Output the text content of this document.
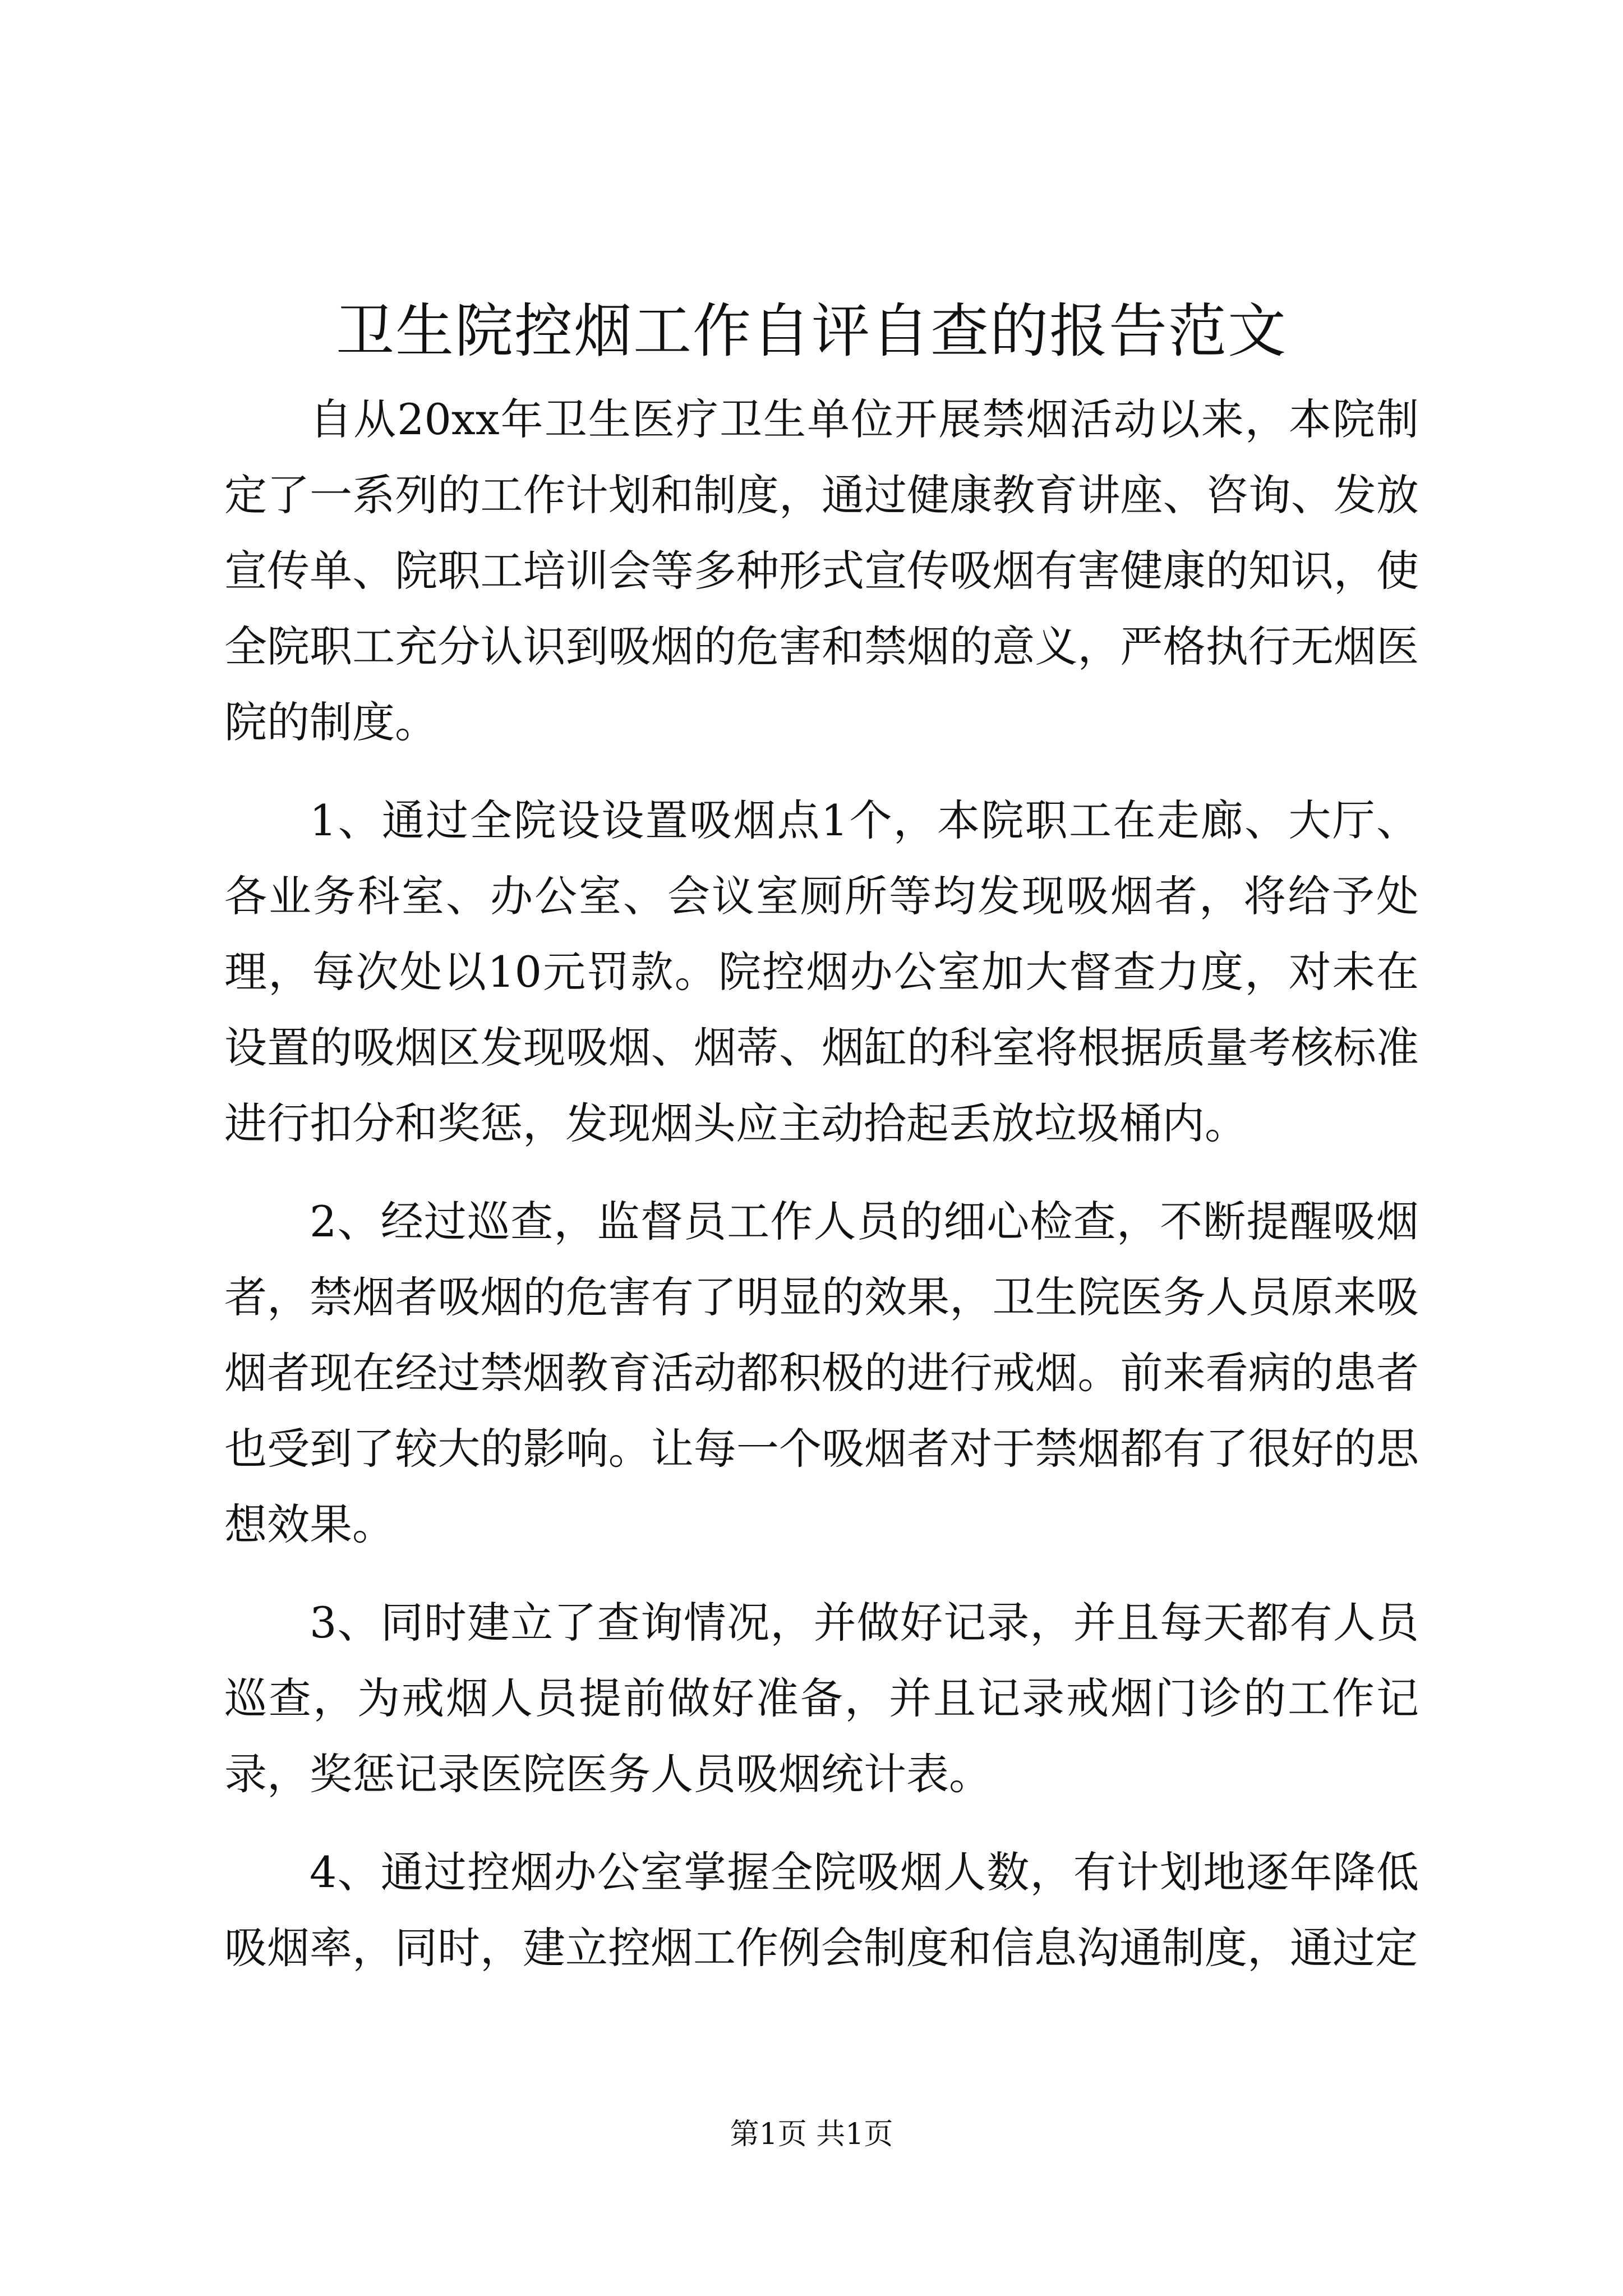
卫生院控烟工作自评自查的报告范文

自从20xx年卫生医疗卫生单位开展禁烟活动以来，本院制定了一系列的工作计划和制度，通过健康教育讲座、咨询、发放宣传单、院职工培训会等多种形式宣传吸烟有害健康的知识，使全院职工充分认识到吸烟的危害和禁烟的意义，严格执行无烟医院的制度。

1、通过全院设设置吸烟点1个，本院职工在走廊、大厅、各业务科室、办公室、会议室厕所等均发现吸烟者，将给予处理，每次处以10元罚款。院控烟办公室加大督查力度，对未在设置的吸烟区发现吸烟、烟蒂、烟缸的科室将根据质量考核标准进行扣分和奖惩，发现烟头应主动拾起丢放垃圾桶内。

2、经过巡查，监督员工作人员的细心检查，不断提醒吸烟者，禁烟者吸烟的危害有了明显的效果，卫生院医务人员原来吸烟者现在经过禁烟教育活动都积极的进行戒烟。前来看病的患者也受到了较大的影响。让每一个吸烟者对于禁烟都有了很好的思想效果。

3、同时建立了查询情况，并做好记录，并且每天都有人员巡查，为戒烟人员提前做好准备，并且记录戒烟门诊的工作记录，奖惩记录医院医务人员吸烟统计表。

4、通过控烟办公室掌握全院吸烟人数，有计划地逐年降低吸烟率，同时，建立控烟工作例会制度和信息沟通制度，通过定

第1页 共1页
